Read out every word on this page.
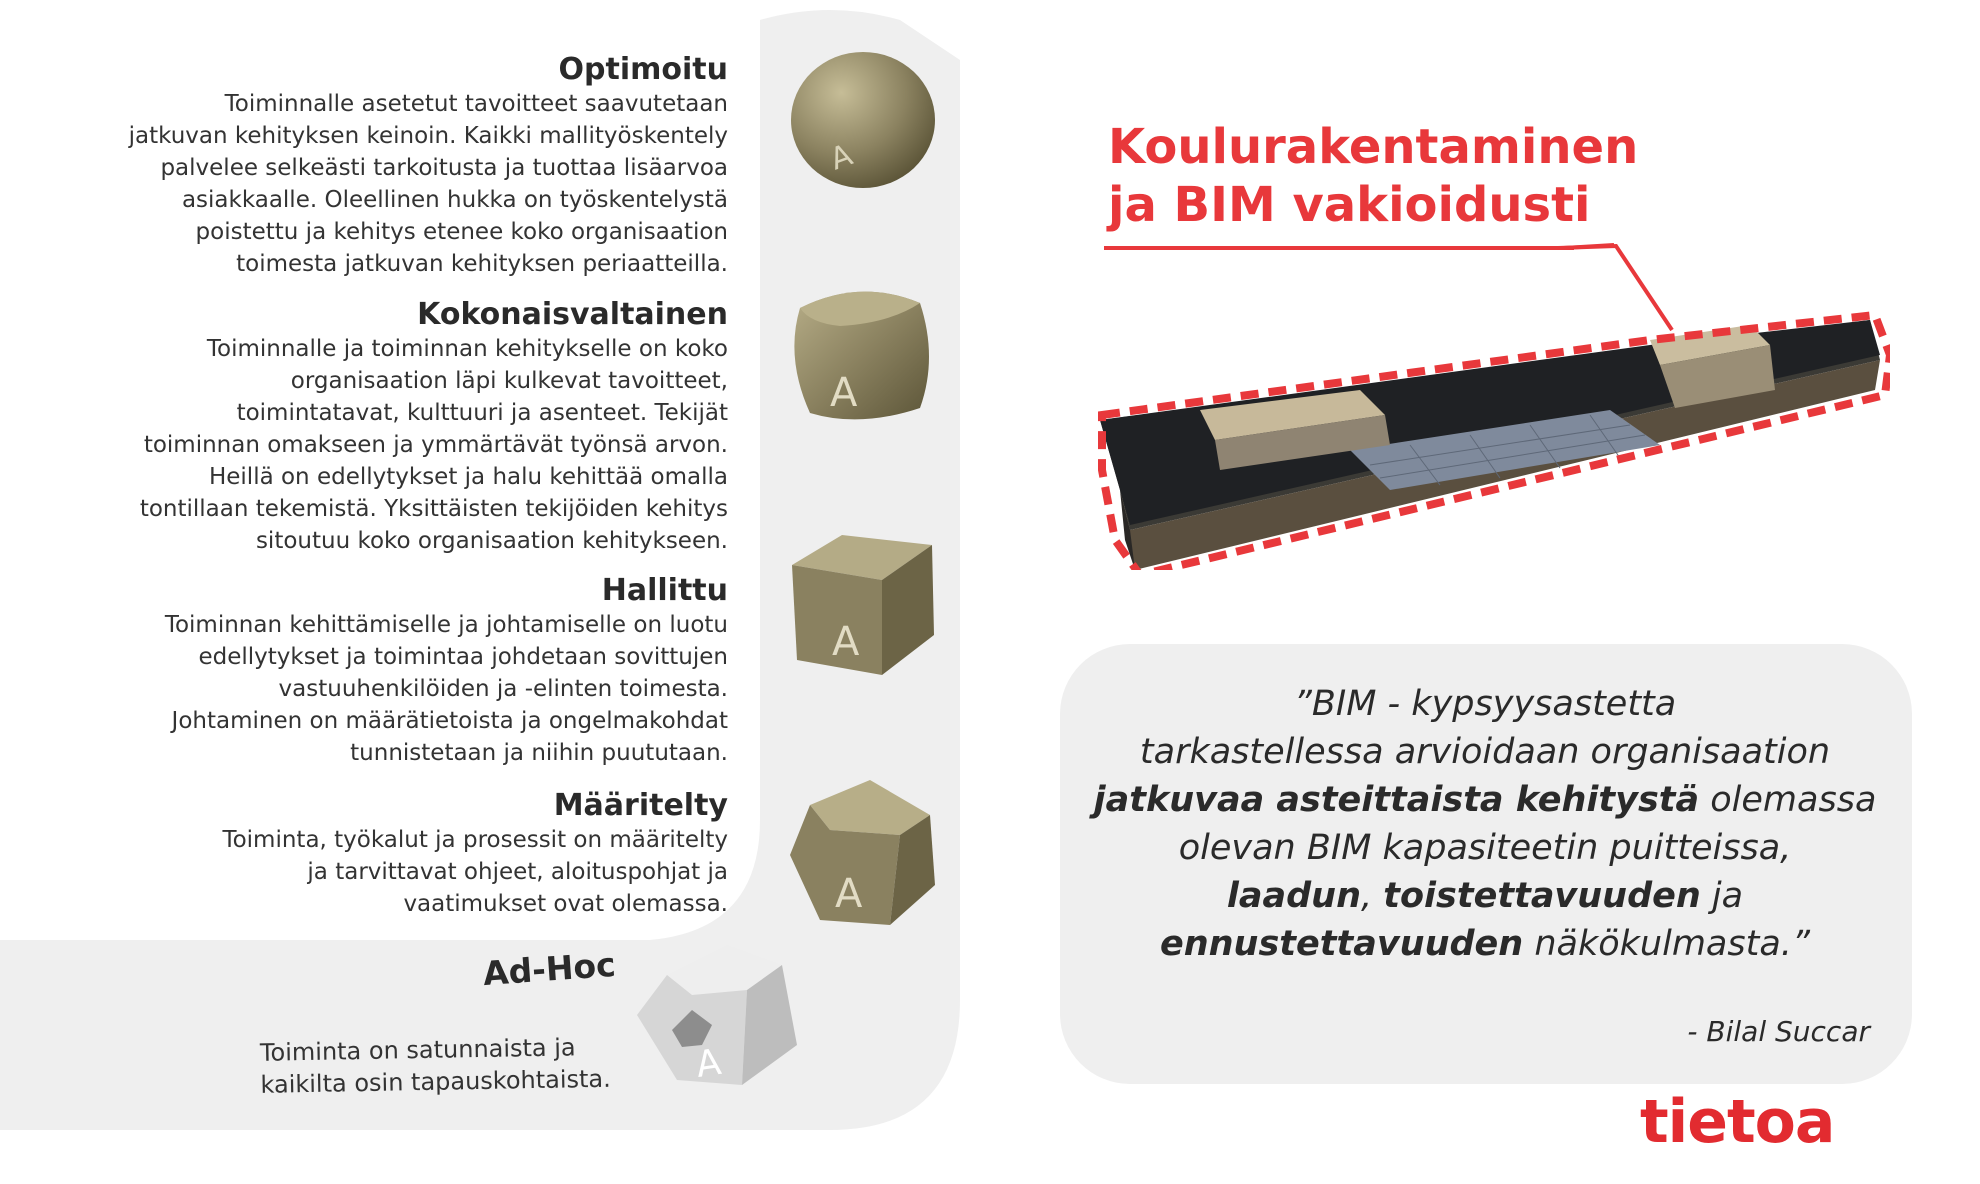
Optimoitu

Toiminnalle asetetut tavoitteet saavutetaan

jatkuvan kehityksen keinoin. Kaikki mallityöskentely

palvelee selkeästi tarkoitusta ja tuottaa lisäarvoa

asiakkaalle. Oleellinen hukka on työskentelystä

poistettu ja kehitys etenee koko organisaation

toimesta jatkuvan kehityksen periaatteilla.

Kokonaisvaltainen

Toiminnalle ja toiminnan kehitykselle on koko

organisaation läpi kulkevat tavoitteet,

toimintatavat, kulttuuri ja asenteet. Tekijät

toiminnan omakseen ja ymmärtävät työnsä arvon.

Heillä on edellytykset ja halu kehittää omalla

tontillaan tekemistä. Yksittäisten tekijöiden kehitys

sitoutuu koko organisaation kehitykseen.

Hallittu

Toiminnan kehittämiselle ja johtamiselle on luotu

edellytykset ja toimintaa johdetaan sovittujen

vastuuhenkilöiden ja -elinten toimesta.

Johtaminen on määrätietoista ja ongelmakohdat

tunnistetaan ja niihin puututaan.

Määritelty

Toiminta, työkalut ja prosessit on määritelty

ja tarvittavat ohjeet, aloituspohjat ja

vaatimukset ovat olemassa.

Ad-Hoc

Toiminta on satunnaista ja
kaikilta osin tapauskohtaista.

A
A
A
A
A
Koulurakentaminen
ja BIM vakioidusti
”BIM - kypsyysastetta
tarkastellessa arvioidaan organisaation
jatkuvaa asteittaista kehitystä olemassa
olevan BIM kapasiteetin puitteissa,
laadun, toistettavuuden ja
ennustettavuuden näkökulmasta.”
- Bilal Succar
tietoa
